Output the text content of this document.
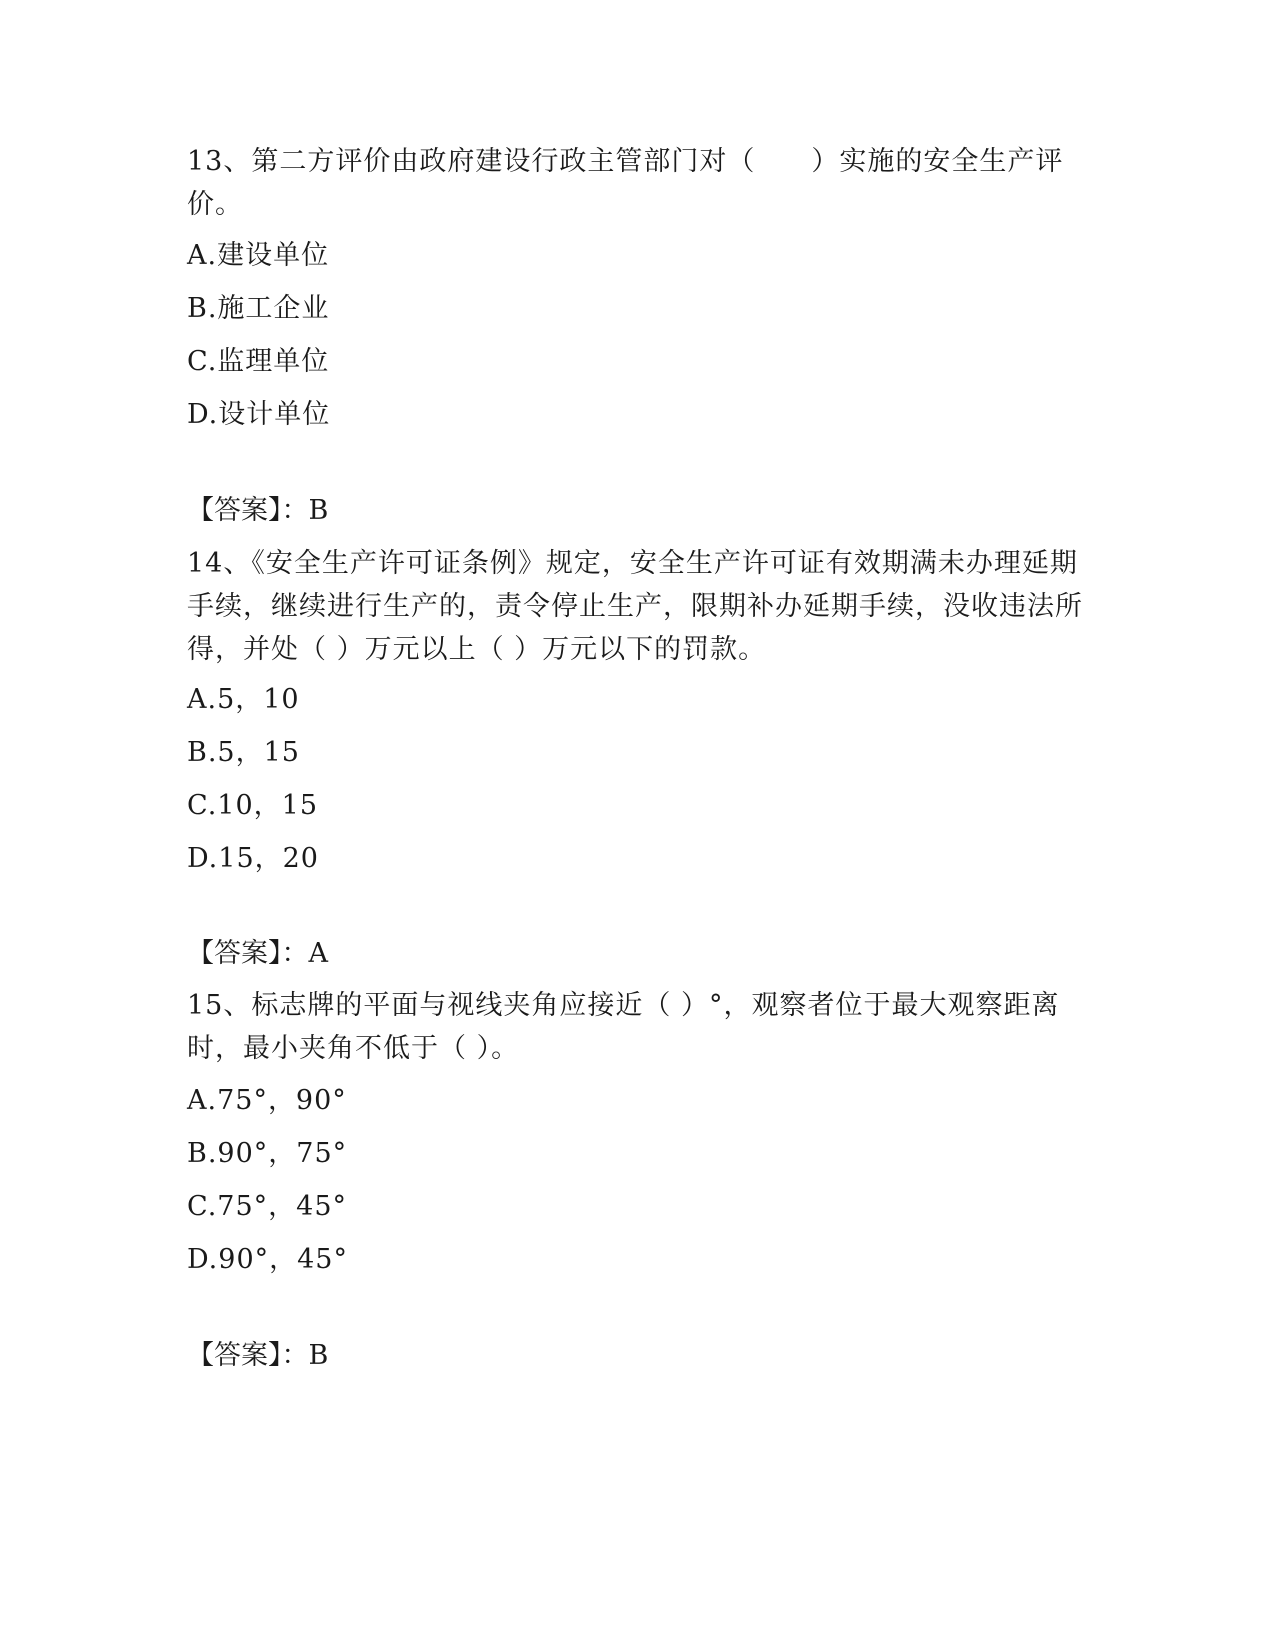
13、第二方评价由政府建设行政主管部门对（　　）实施的安全生产评价。

A.建设单位
B.施工企业
C.监理单位
D.设计单位
【答案】：B

14、《安全生产许可证条例》规定，安全生产许可证有效期满未办理延期手续，继续进行生产的，责令停止生产，限期补办延期手续，没收违法所得，并处（ ）万元以上（ ）万元以下的罚款。

A.5，10
B.5，15
C.10，15
D.15，20
【答案】：A

15、标志牌的平面与视线夹角应接近（ ）°，观察者位于最大观察距离时，最小夹角不低于（ ）。

A.75°，90°
B.90°，75°
C.75°，45°
D.90°，45°
【答案】：B
